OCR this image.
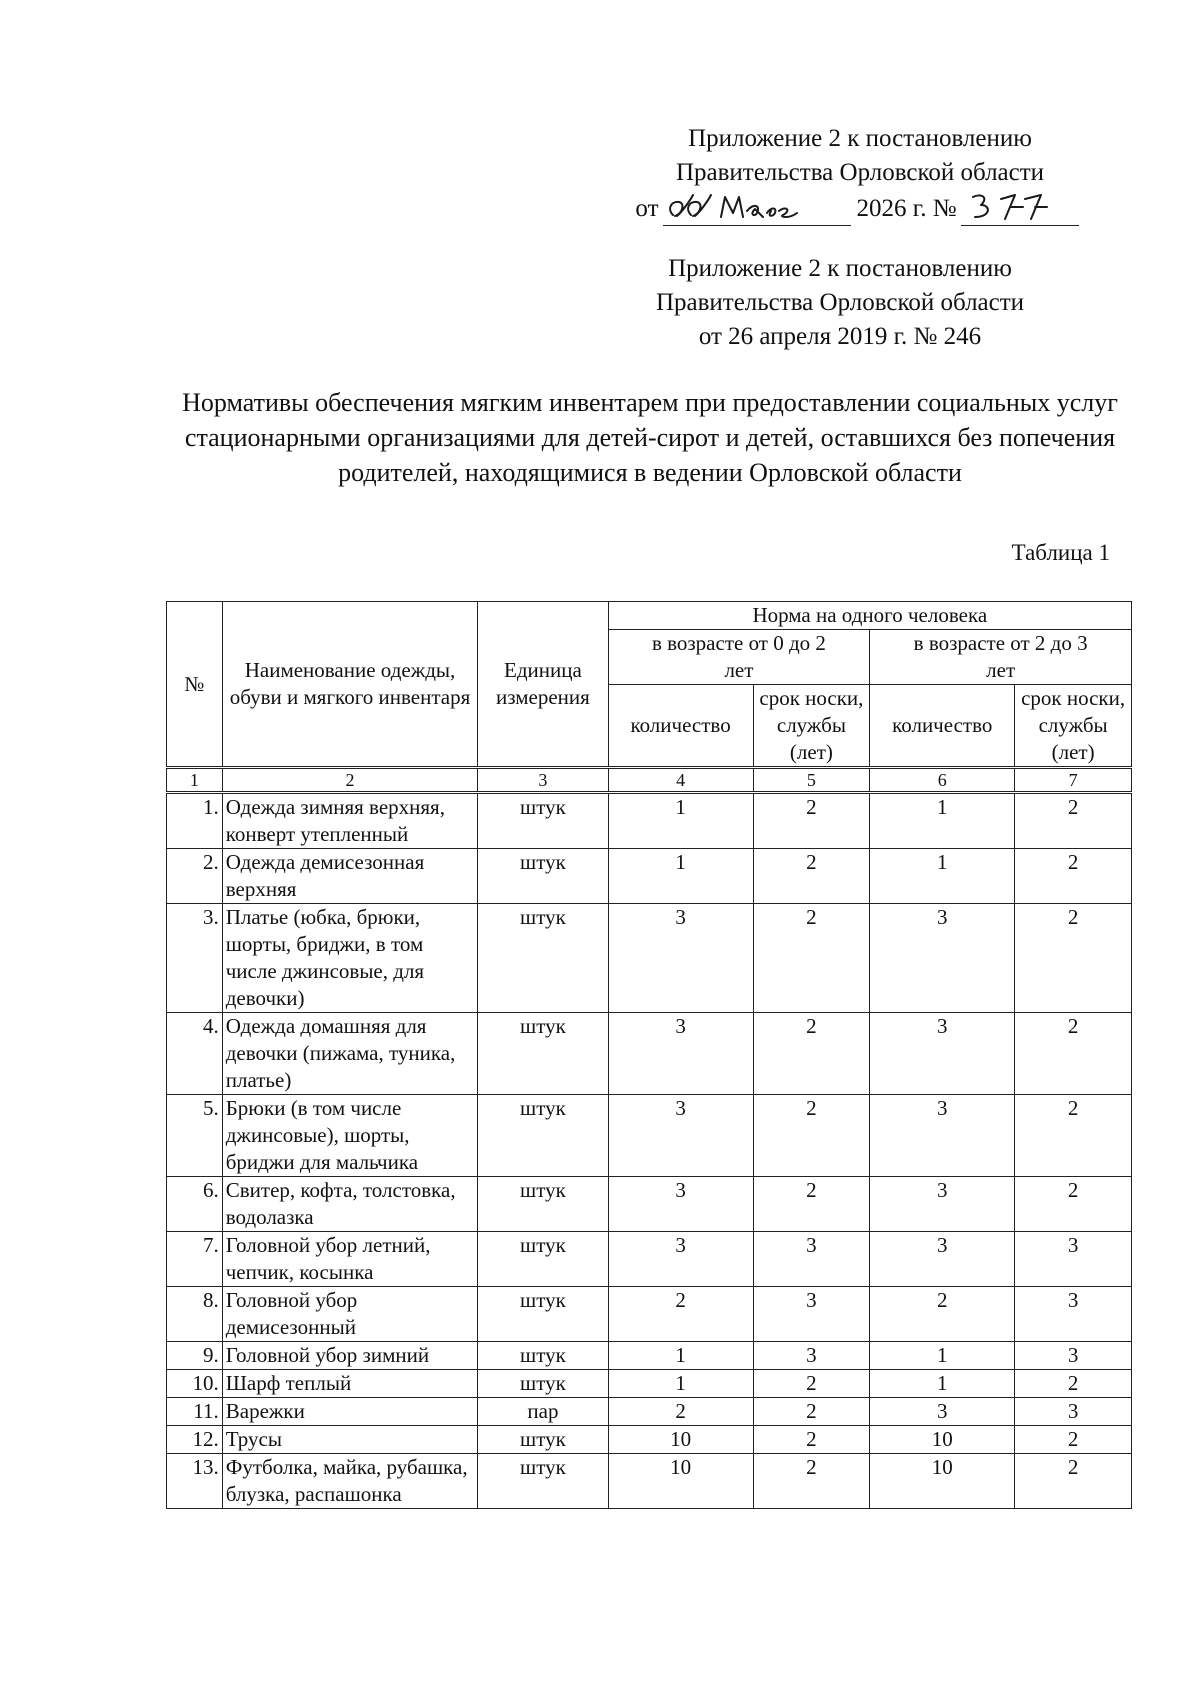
Приложение 2 к постановлению
Правительства Орловской области
от	2026 г. №
Приложение 2 к постановлению
Правительства Орловской области
от 26 апреля 2019 г. № 246
Нормативы обеспечения мягким инвентарем при предоставлении социальных услуг стационарными организациями для детей-сирот и детей, оставшихся без попечения родителей, находящимися в ведении Орловской области
Таблица 1
№	Наименование одежды, обуви и мягкого инвентаря	Единица измерения	Норма на одного человека			
			в возрасте от 0 до 2 лет		в возрасте от 2 до 3 лет	
			количество	срок носки, службы (лет)	количество	срок носки, службы (лет)
1	2	3	4	5	6	7
1.	Одежда зимняя верхняя, конверт утепленный	штук	1	2	1	2
2.	Одежда демисезонная верхняя	штук	1	2	1	2
3.	Платье (юбка, брюки, шорты, бриджи, в том числе джинсовые, для девочки)	штук	3	2	3	2
4.	Одежда домашняя для девочки (пижама, туника, платье)	штук	3	2	3	2
5.	Брюки (в том числе джинсовые), шорты, бриджи для мальчика	штук	3	2	3	2
6.	Свитер, кофта, толстовка, водолазка	штук	3	2	3	2
7.	Головной убор летний, чепчик, косынка	штук	3	3	3	3
8.	Головной убор демисезонный	штук	2	3	2	3
9.	Головной убор зимний	штук	1	3	1	3
10.	Шарф теплый	штук	1	2	1	2
11.	Варежки	пар	2	2	3	3
12.	Трусы	штук	10	2	10	2
13.	Футболка, майка, рубашка, блузка, распашонка	штук	10	2	10	2
